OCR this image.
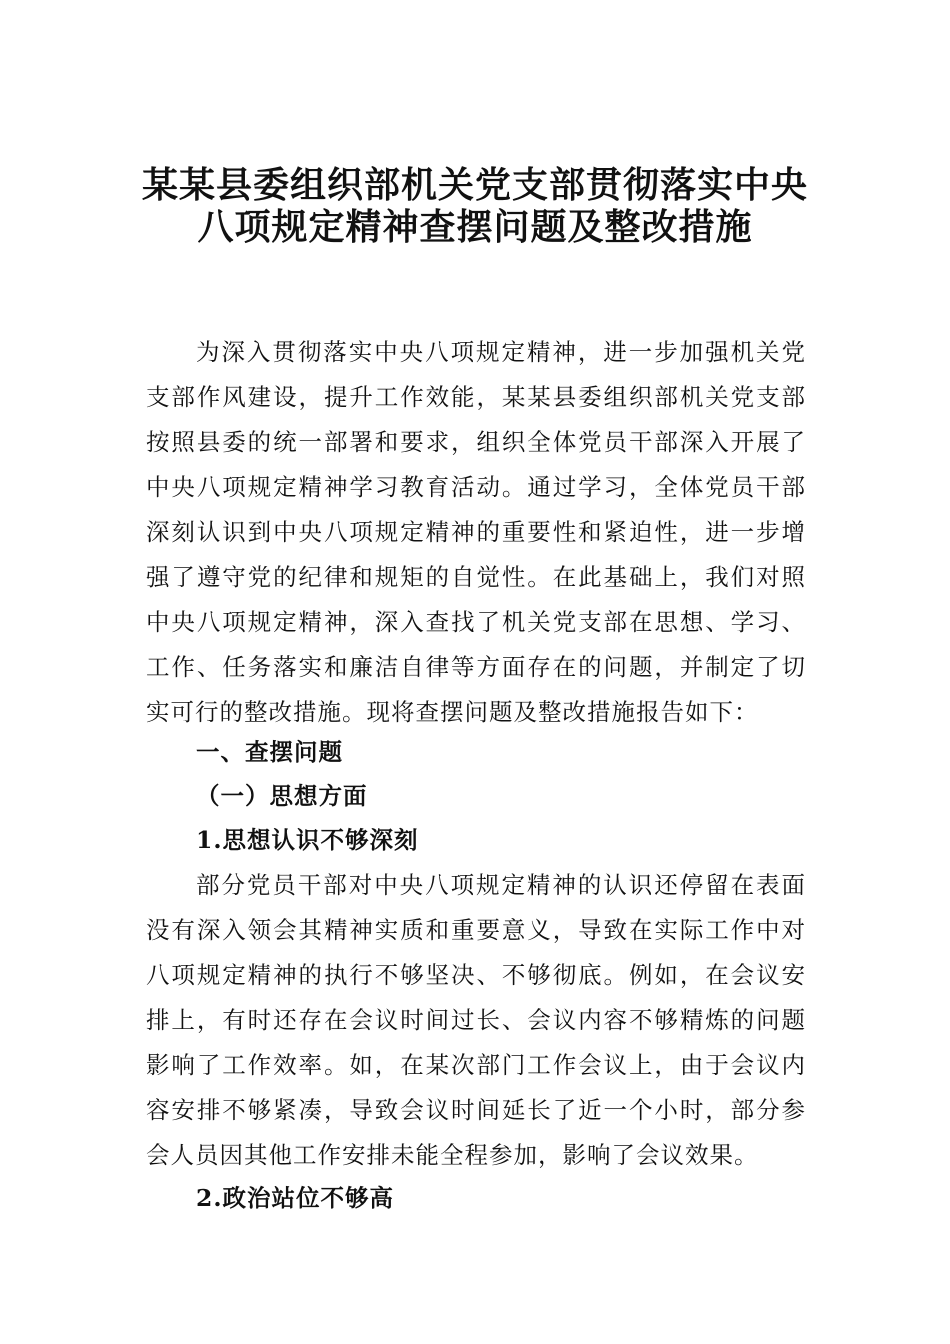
某某县委组织部机关党支部贯彻落实中央
八项规定精神查摆问题及整改措施

为深入贯彻落实中央八项规定精神，进一步加强机关党支部作风建设，提升工作效能，某某县委组织部机关党支部按照县委的统一部署和要求，组织全体党员干部深入开展了中央八项规定精神学习教育活动。通过学习，全体党员干部深刻认识到中央八项规定精神的重要性和紧迫性，进一步增强了遵守党的纪律和规矩的自觉性。在此基础上，我们对照中央八项规定精神，深入查找了机关党支部在思想、学习、工作、任务落实和廉洁自律等方面存在的问题，并制定了切实可行的整改措施。现将查摆问题及整改措施报告如下：

一、查摆问题
（一）思想方面
1.思想认识不够深刻

部分党员干部对中央八项规定精神的认识还停留在表面没有深入领会其精神实质和重要意义，导致在实际工作中对八项规定精神的执行不够坚决、不够彻底。例如，在会议安排上，有时还存在会议时间过长、会议内容不够精炼的问题影响了工作效率。如，在某次部门工作会议上，由于会议内容安排不够紧凑，导致会议时间延长了近一个小时，部分参会人员因其他工作安排未能全程参加，影响了会议效果。

2.政治站位不够高
